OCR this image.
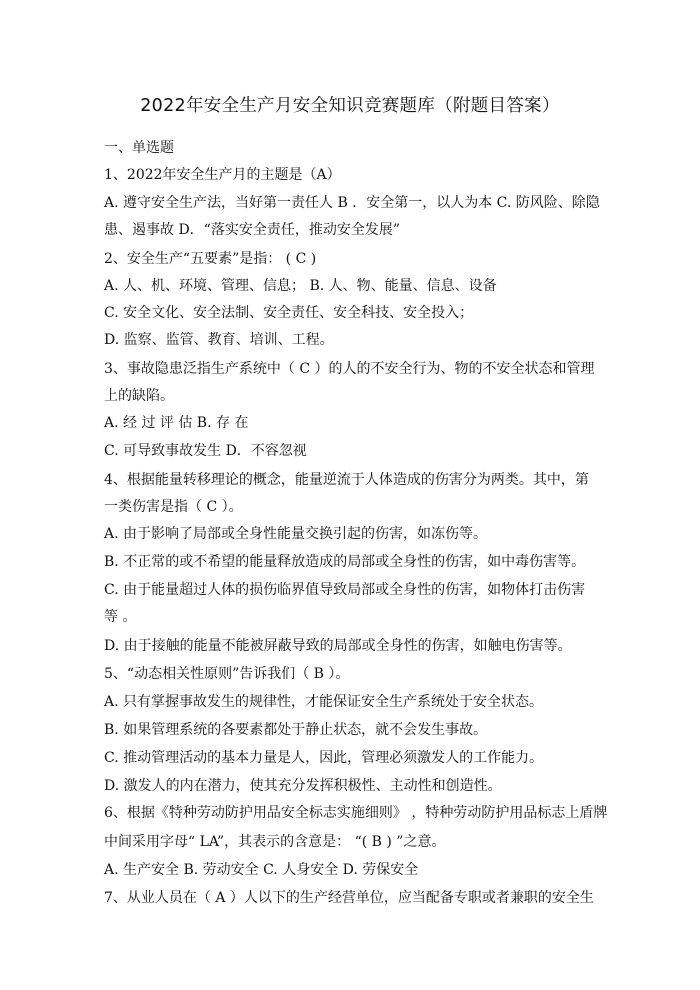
2022年安全生产月安全知识竞赛题库（附题目答案）
一、单选题
1、2022年安全生产月的主题是（A）
A. 遵守安全生产法，当好第一责任人 B ．安全第一，以人为本 C. 防风险、除隐
患、遏事故 D．“落实安全责任，推动安全发展”
2、安全生产“五要素”是指： ( C )
A. 人、机、环境、管理、信息； B. 人、物、能量、信息、设备
C. 安全文化、安全法制、安全责任、安全科技、安全投入；
D. 监察、监管、教育、培训、工程。
3、事故隐患泛指生产系统中（ C ）的人的不安全行为、物的不安全状态和管理
上的缺陷。
A. 经 过 评 估 B. 存 在
C. 可导致事故发生 D．不容忽视
4、根据能量转移理论的概念，能量逆流于人体造成的伤害分为两类。其中，第
一类伤害是指（ C ）。
A. 由于影响了局部或全身性能量交换引起的伤害，如冻伤等。
B. 不正常的或不希望的能量释放造成的局部或全身性的伤害，如中毒伤害等。
C. 由于能量超过人体的损伤临界值导致局部或全身性的伤害，如物体打击伤害
等 。
D. 由于接触的能量不能被屏蔽导致的局部或全身性的伤害，如触电伤害等。
5、“动态相关性原则”告诉我们（ B ）。
A. 只有掌握事故发生的规律性，才能保证安全生产系统处于安全状态。
B. 如果管理系统的各要素都处于静止状态，就不会发生事故。
C. 推动管理活动的基本力量是人，因此，管理必须激发人的工作能力。
D. 激发人的内在潜力，使其充分发挥积极性、主动性和创造性。
6、根据《特种劳动防护用品安全标志实施细则》 ，特种劳动防护用品标志上盾牌
中间采用字母“ LA”，其表示的含意是： “( B ) ”之意。
A. 生产安全 B. 劳动安全 C. 人身安全 D. 劳保安全
7、从业人员在（ A ）人以下的生产经营单位，应当配备专职或者兼职的安全生
